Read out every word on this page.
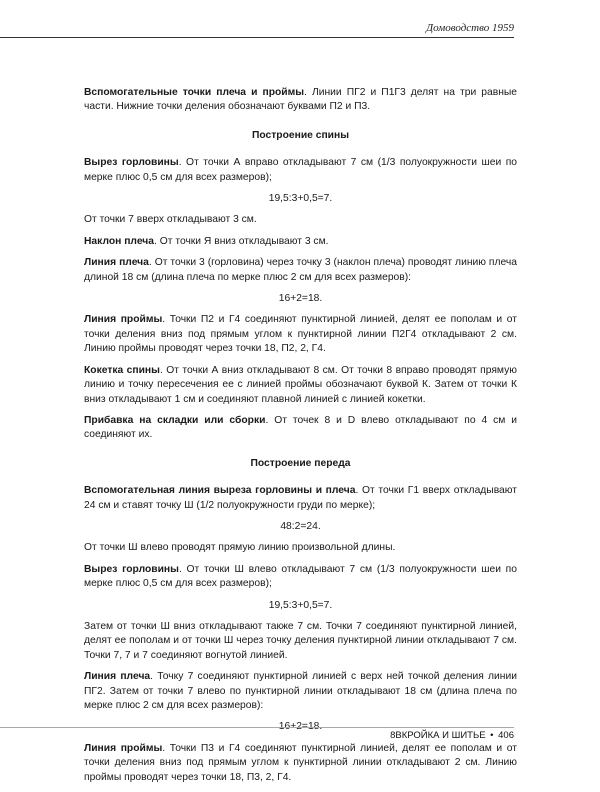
Домоводство 1959

Вспомогательные точки плеча и проймы. Линии ПГ2 и П1Г3 делят на три равные части. Нижние точки деления обозначают буквами П2 и П3.

Построение спины

Вырез горловины. От точки А вправо откладывают 7 см (1/3 полуокружности шеи по мерке плюс 0,5 см для всех размеров);

19,5:3+0,5=7.

От точки 7 вверх откладывают 3 см.

Наклон плеча. От точки Я вниз откладывают 3 см.

Линия плеча. От точки 3 (горловина) через точку 3 (наклон плеча) проводят линию плеча длиной 18 см (длина плеча по мерке плюс 2 см для всех размеров):

16+2=18.

Линия проймы. Точки П2 и Г4 соединяют пунктирной линией, делят ее пополам и от точки деления вниз под прямым углом к пунктирной линии П2Г4 откладывают 2 см. Линию проймы проводят через точки 18, П2, 2, Г4.

Кокетка спины. От точки А вниз откладывают 8 см. От точки 8 вправо проводят прямую линию и точку пересечения ее с линией проймы обозначают буквой К. Затем от точки К вниз откладывают 1 см и соединяют плавной линией с линией кокетки.

Прибавка на складки или сборки. От точек 8 и D влево откладывают по 4 см и соединяют их.

Построение переда

Вспомогательная линия выреза горловины и плеча. От точки Г1 вверх откладывают 24 см и ставят точку Ш (1/2 полуокружности груди по мерке);

48:2=24.

От точки Ш влево проводят прямую линию произвольной длины.

Вырез горловины. От точки Ш влево откладывают 7 см (1/3 полуокружности шеи по мерке плюс 0,5 см для всех размеров);

19,5:3+0,5=7.

Затем от точки Ш вниз откладывают также 7 см. Точки 7 соединяют пунктирной линией, делят ее пополам и от точки Ш через точку деления пунктирной линии откладывают 7 см. Точки 7, 7 и 7 соединяют вогнутой линией.

Линия плеча. Точку 7 соединяют пунктирной линией с верх ней точкой деления линии ПГ2. Затем от точки 7 влево по пунктирной линии откладывают 18 см (длина плеча по мерке плюс 2 см для всех размеров):

16+2=18.

Линия проймы. Точки П3 и Г4 соединяют пунктирной линией, делят ее пополам и от точки деления вниз под прямым углом к пунктирной линии откладывают 2 см. Линию проймы проводят через точки 18, П3, 2, Г4.

8ВКРОЙКА И ШИТЬЕ • 406
